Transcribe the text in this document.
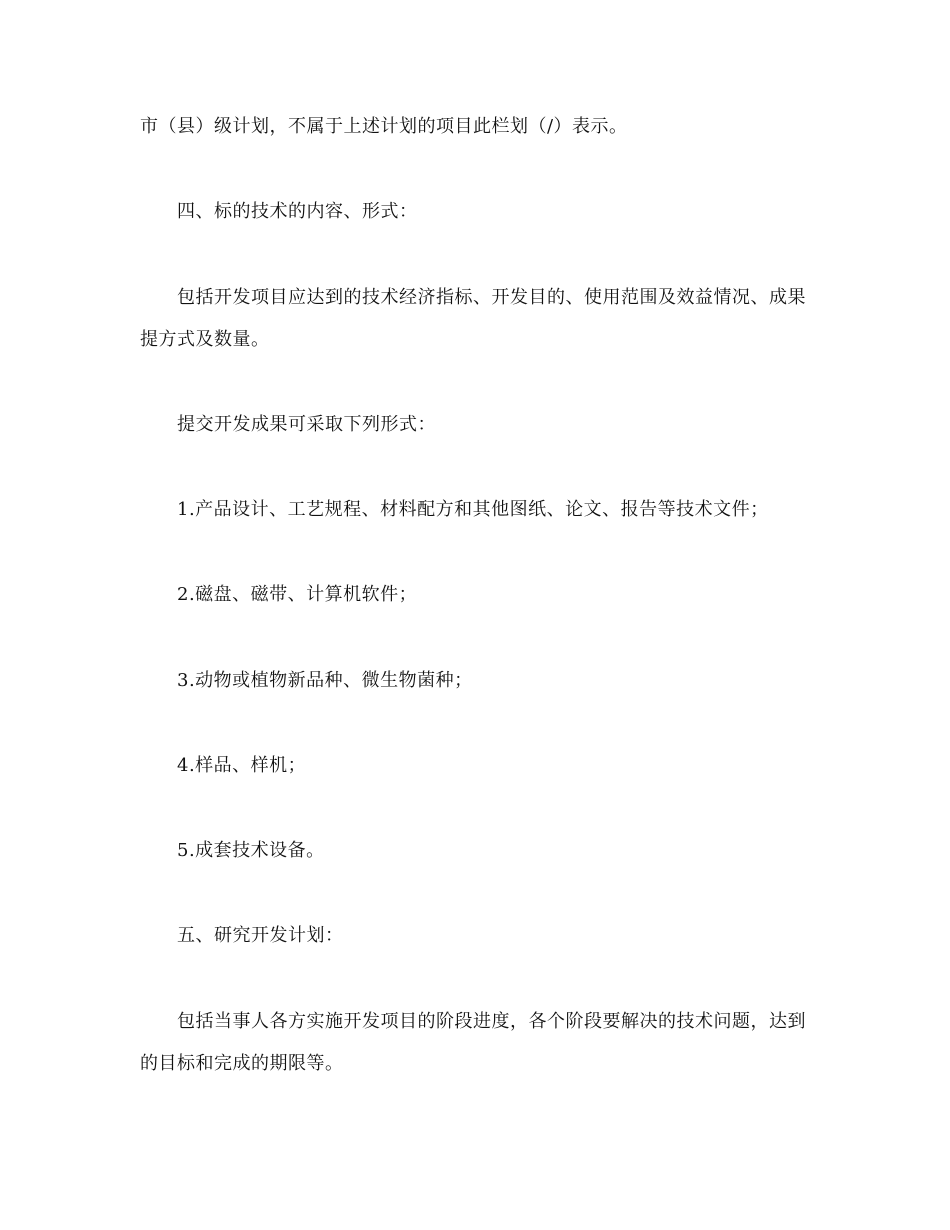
市（县）级计划，不属于上述计划的项目此栏划（/）表示。
四、标的技术的内容、形式：
包括开发项目应达到的技术经济指标、开发目的、使用范围及效益情况、成果
提方式及数量。
提交开发成果可采取下列形式：
1.产品设计、工艺规程、材料配方和其他图纸、论文、报告等技术文件；
2.磁盘、磁带、计算机软件；
3.动物或植物新品种、微生物菌种；
4.样品、样机；
5.成套技术设备。
五、研究开发计划：
包括当事人各方实施开发项目的阶段进度，各个阶段要解决的技术问题，达到
的目标和完成的期限等。
